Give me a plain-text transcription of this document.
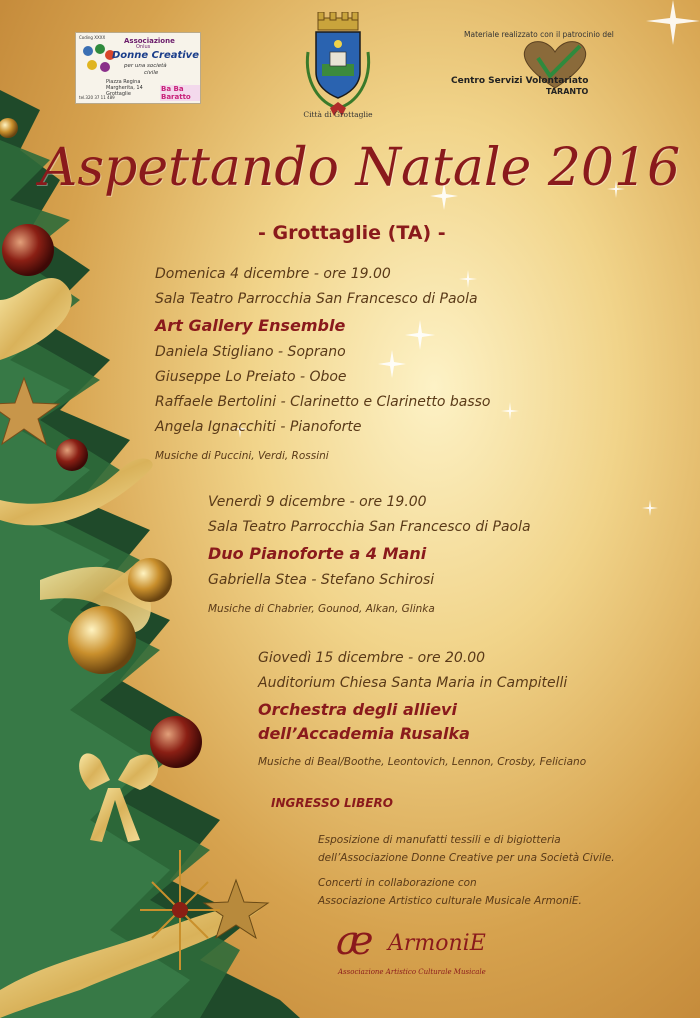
Coding XXXX	Associazione
Onlus
Donne Creative
per una società
civile
Piazza Regina
Margherita, 14
Grottaglie
tel.320 37 11 489
Ba Ba Baratto
Città di Grottaglie
Materiale realizzato con il patrocinio del
Centro Servizi Volontariato
TARANTO
Aspettando Natale 2016
- Grottaglie (TA) -
Domenica 4 dicembre - ore 19.00
Sala Teatro Parrocchia San Francesco di Paola
Art Gallery Ensemble
Daniela Stigliano - Soprano
Giuseppe Lo Preiato - Oboe
Raffaele Bertolini - Clarinetto e Clarinetto basso
Angela Ignacchiti - Pianoforte
Musiche di Puccini, Verdi, Rossini
Venerdì 9 dicembre - ore 19.00
Sala Teatro Parrocchia San Francesco di Paola
Duo Pianoforte a 4 Mani
Gabriella Stea - Stefano Schirosi
Musiche di Chabrier, Gounod, Alkan, Glinka
Giovedì 15 dicembre - ore 20.00
Auditorium Chiesa Santa Maria in Campitelli
Orchestra degli allievi
dell’Accademia Rusalka
Musiche di Beal/Boothe, Leontovich, Lennon, Crosby, Feliciano
INGRESSO LIBERO
Esposizione di manufatti tessili e di bigiotteria
dell’Associazione Donne Creative per una Società Civile.
Concerti in collaborazione con
Associazione Artistico culturale Musicale ArmoniE.
æ ArmoniE
Associazione Artistico Culturale Musicale
